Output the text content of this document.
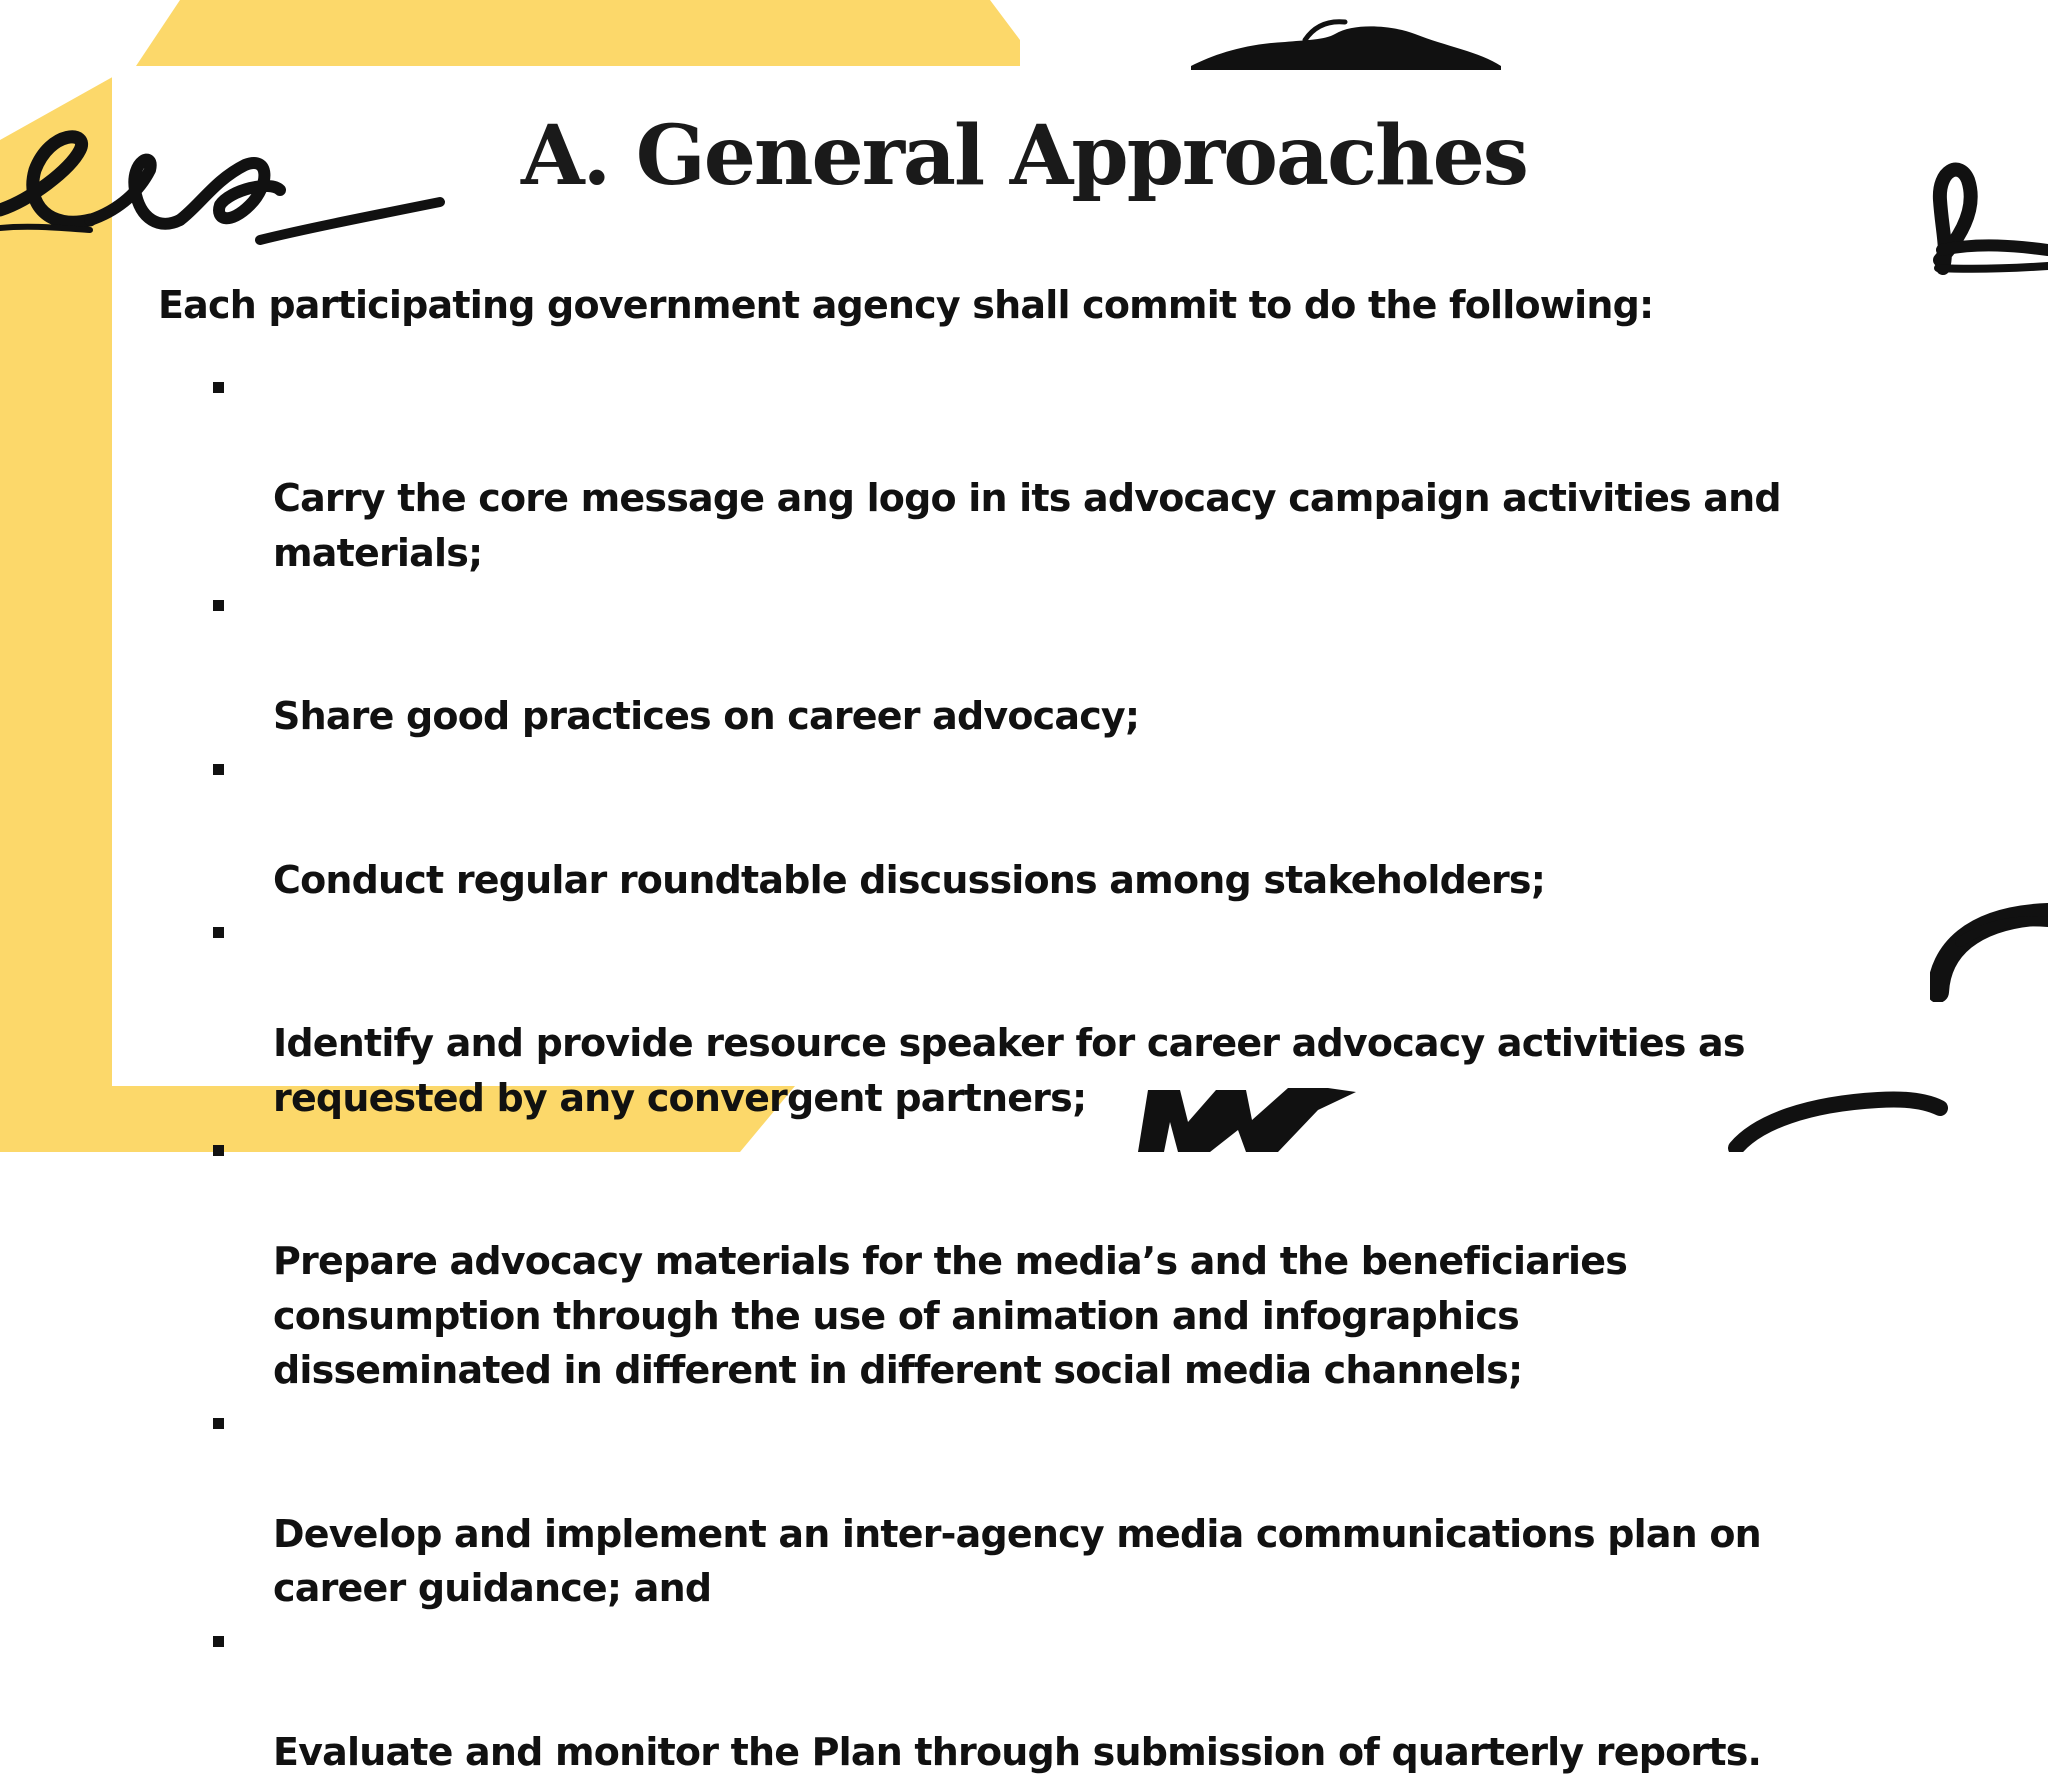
A. General Approaches

Each participating government agency shall commit to do the following:

Carry the core message ang logo in its advocacy campaign activities and
materials;

Share good practices on career advocacy;

Conduct regular roundtable discussions among stakeholders;

Identify and provide resource speaker for career advocacy activities as
requested by any convergent partners;

Prepare advocacy materials for the media’s and the beneficiaries
consumption through the use of animation and infographics
disseminated in different in different social media channels;

Develop and implement an inter-agency media communications plan on
career guidance; and

Evaluate and monitor the Plan through submission of quarterly reports.
